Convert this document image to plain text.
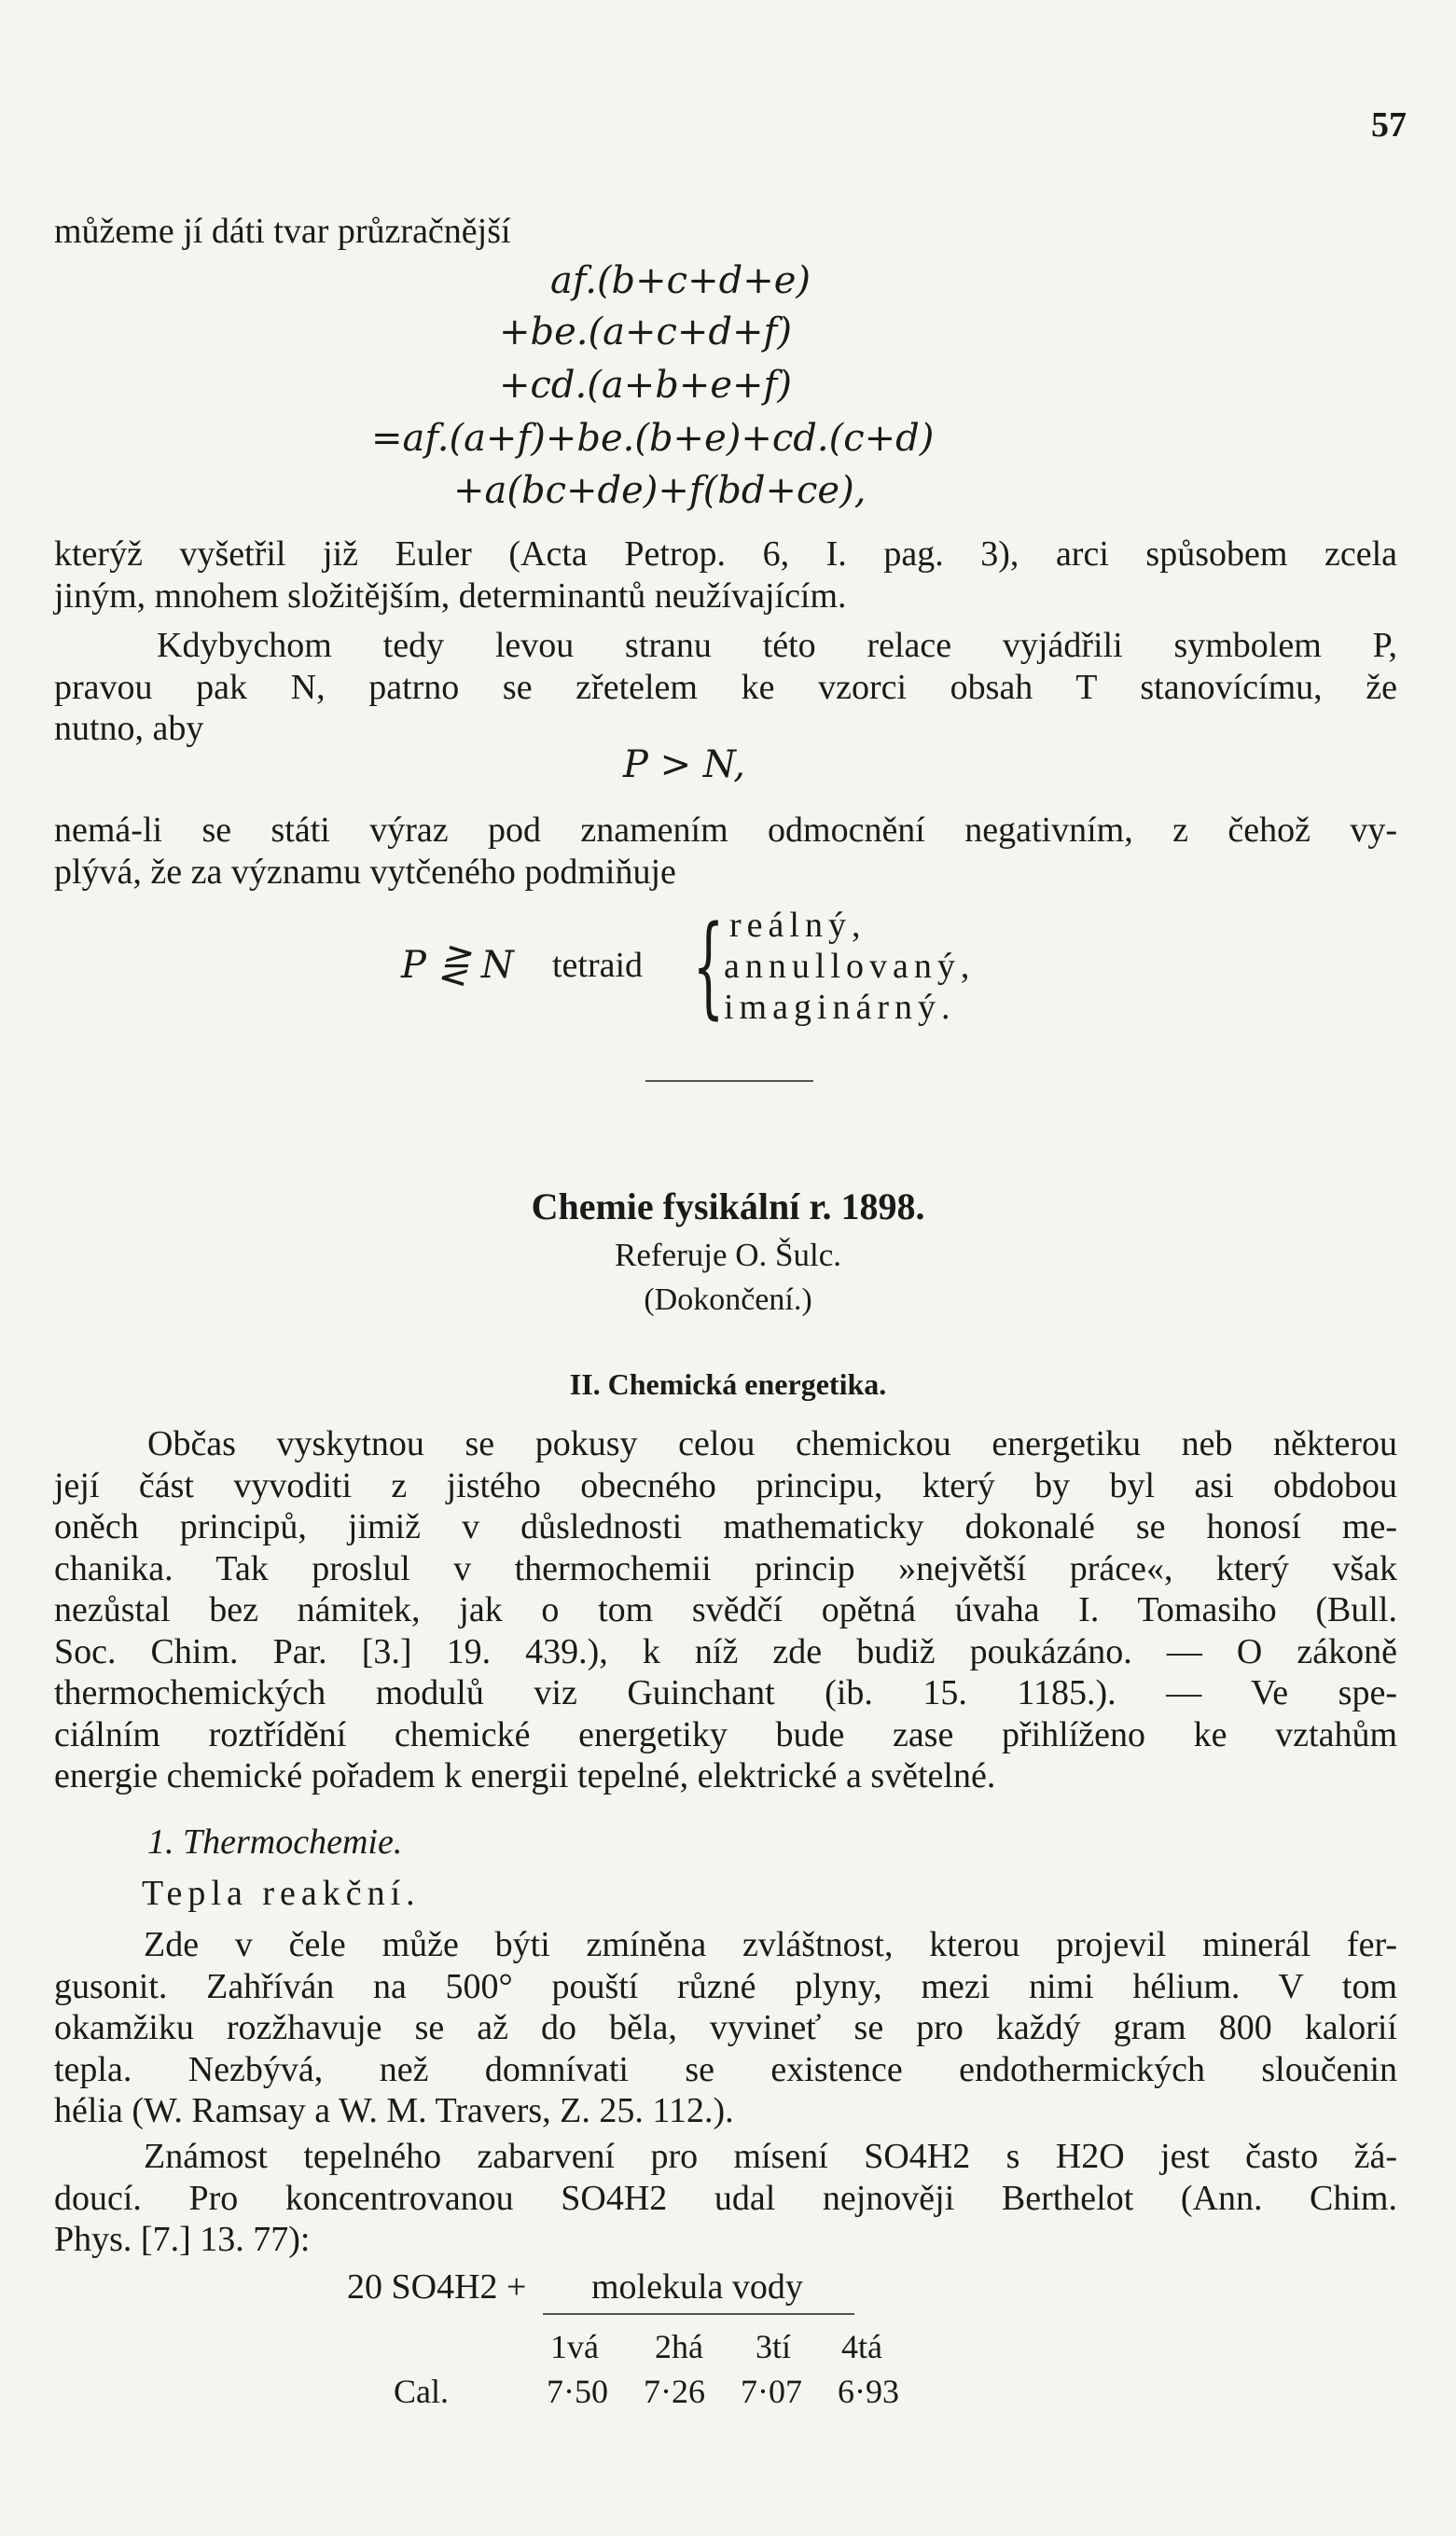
57
můžeme jí dáti tvar průzračnější
af.(b+c+d+e)
+be.(a+c+d+f)
+cd.(a+b+e+f)
=af.(a+f)+be.(b+e)+cd.(c+d)
+a(bc+de)+f(bd+ce),
kterýž vyšetřil již Euler (Acta Petrop. 6, I. pag. 3), arci spůsobem zcela
jiným, mnohem složitějším, determinantů neužívajícím.
Kdybychom tedy levou stranu této relace vyjádřili symbolem P,
pravou pak N, patrno se zřetelem ke vzorci obsah T stanovícímu, že
nutno, aby
P > N,
nemá-li se státi výraz pod znamením odmocnění negativním, z čehož vy-
plývá, že za významu vytčeného podmiňuje
P ⋛ N tetraid { reálný,
annullovaný,
imaginárný.
Chemie fysikální r. 1898.
Referuje O. Šulc.
(Dokončení.)
II. Chemická energetika.
Občas vyskytnou se pokusy celou chemickou energetiku neb některou
její část vyvoditi z jistého obecného principu, který by byl asi obdobou
oněch principů, jimiž v důslednosti mathematicky dokonalé se honosí me-
chanika. Tak proslul v thermochemii princip »největší práce«, který však
nezůstal bez námitek, jak o tom svědčí opětná úvaha I. Tomasiho (Bull.
Soc. Chim. Par. [3.] 19. 439.), k níž zde budiž poukázáno. — O zákoně
thermochemických modulů viz Guinchant (ib. 15. 1185.). — Ve spe-
ciálním roztřídění chemické energetiky bude zase přihlíženo ke vztahům
energie chemické pořadem k energii tepelné, elektrické a světelné.
1. Thermochemie.
Tepla reakční.
Zde v čele může býti zmíněna zvláštnost, kterou projevil minerál fer-
gusonit. Zahříván na 500° pouští různé plyny, mezi nimi hélium. V tom
okamžiku rozžhavuje se až do běla, vyvineť se pro každý gram 800 kalorií
tepla. Nezbývá, než domnívati se existence endothermických sloučenin
hélia (W. Ramsay a W. M. Travers, Z. 25. 112.).
Známost tepelného zabarvení pro mísení SO4H2 s H2O jest často žá-
doucí. Pro koncentrovanou SO4H2 udal nejnověji Berthelot (Ann. Chim.
Phys. [7.] 13. 77):
20 SO4H2 + molekula vody
1vá 2há 3tí 4tá
Cal.	7·50 7·26 7·07 6·93
